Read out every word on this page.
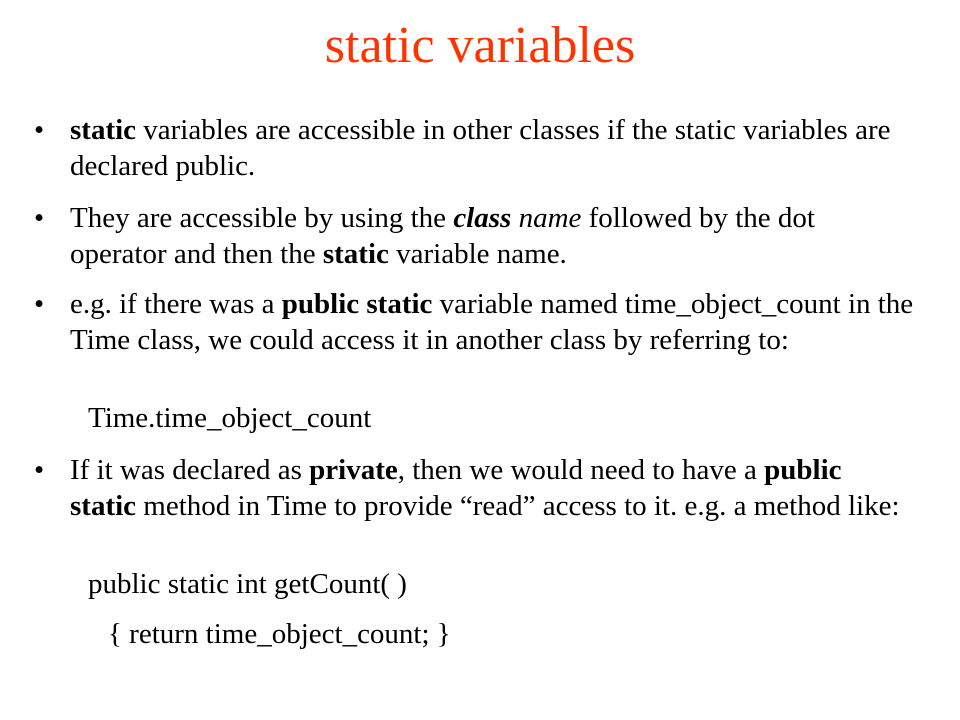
static variables
• static variables are accessible in other classes if the static variables are declared public.
• They are accessible by using the class name followed by the dot operator and then the static variable name.
• e.g. if there was a public static variable named time_object_count in the Time class, we could access it in another class by referring to:
Time.time_object_count
• If it was declared as private, then we would need to have a public static method in Time to provide “read” access to it. e.g. a method like:
public static int getCount( )
{ return time_object_count; }
